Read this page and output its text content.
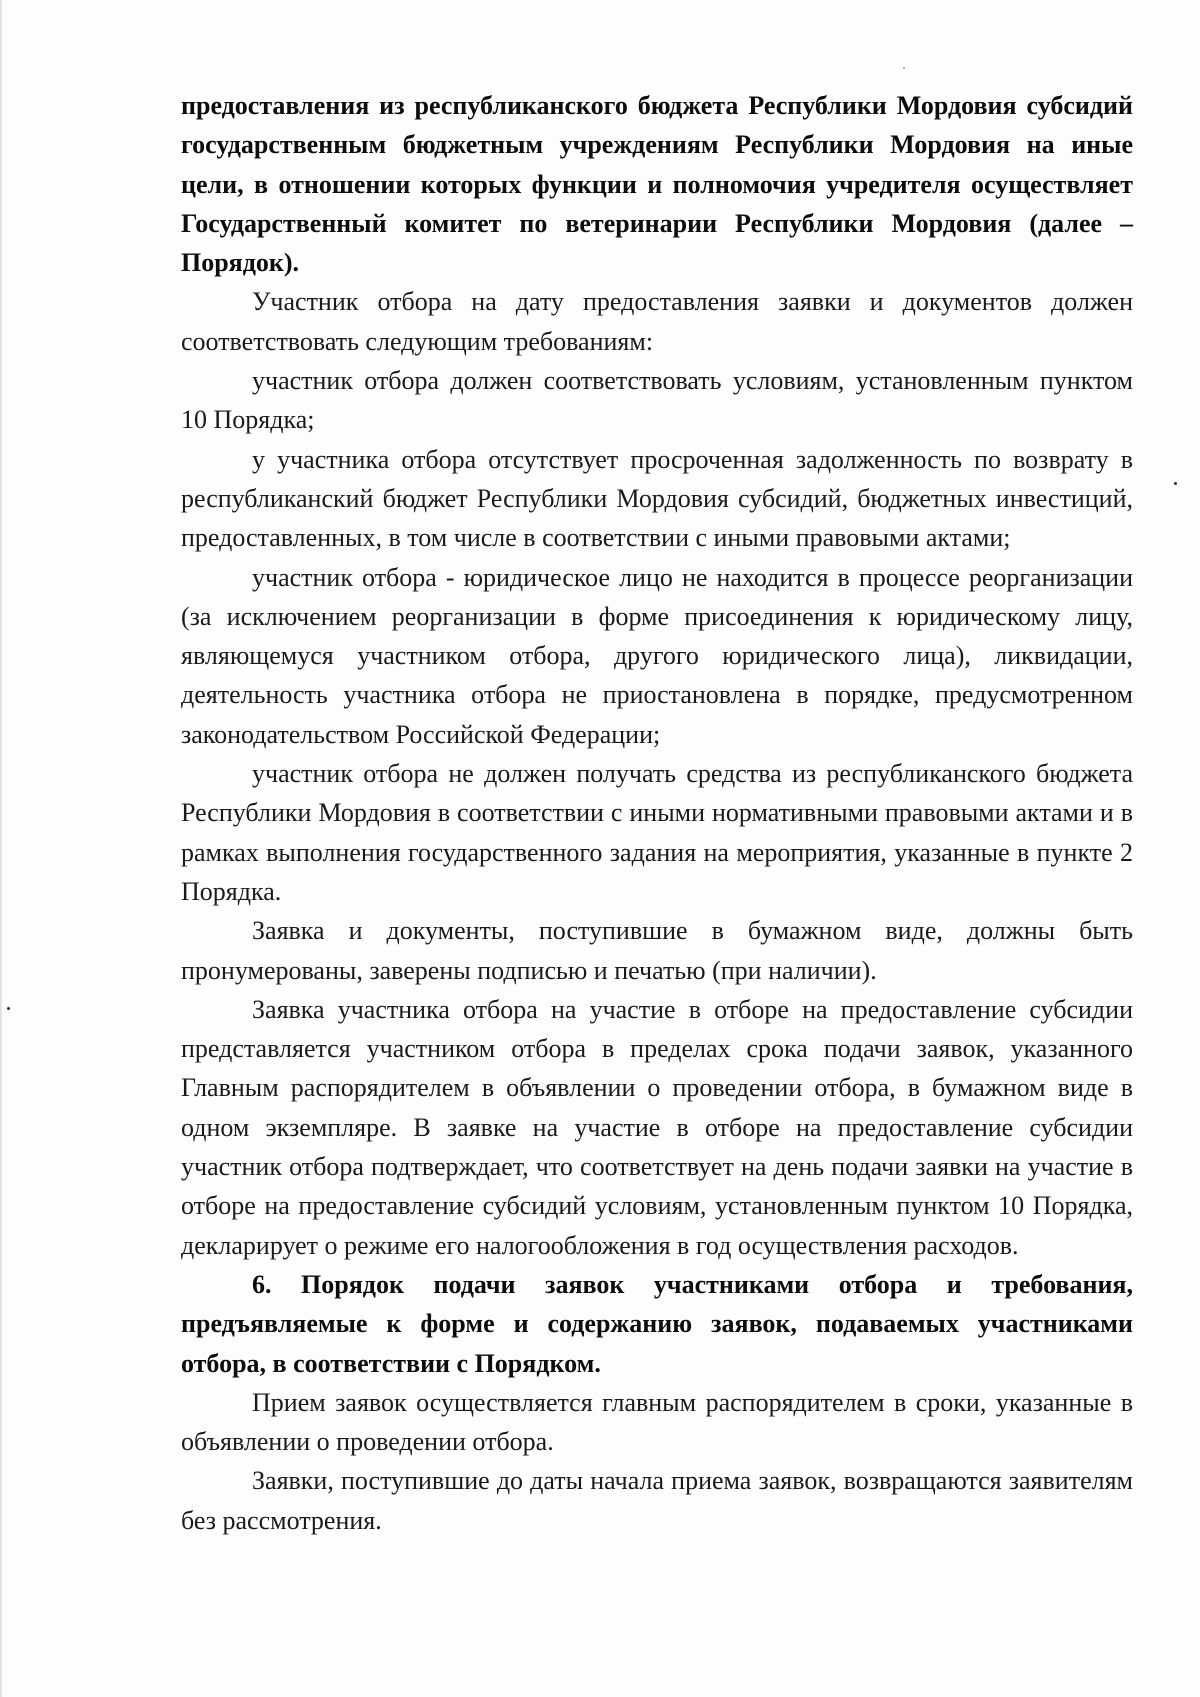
предоставления из республиканского бюджета Республики Мордовия субсидий государственным бюджетным учреждениям Республики Мордовия на иные цели, в отношении которых функции и полномочия учредителя осуществляет Государственный комитет по ветеринарии Республики Мордовия (далее – Порядок).

Участник отбора на дату предоставления заявки и документов должен соответствовать следующим требованиям:

участник отбора должен соответствовать условиям, установленным пунктом 10 Порядка;

у участника отбора отсутствует просроченная задолженность по возврату в республиканский бюджет Республики Мордовия субсидий, бюджетных инвестиций, предоставленных, в том числе в соответствии с иными правовыми актами;

участник отбора - юридическое лицо не находится в процессе реорганизации (за исключением реорганизации в форме присоединения к юридическому лицу, являющемуся участником отбора, другого юридического лица), ликвидации, деятельность участника отбора не приостановлена в порядке, предусмотренном законодательством Российской Федерации;

участник отбора не должен получать средства из республиканского бюджета Республики Мордовия в соответствии с иными нормативными правовыми актами и в рамках выполнения государственного задания на мероприятия, указанные в пункте 2 Порядка.

Заявка и документы, поступившие в бумажном виде, должны быть пронумерованы, заверены подписью и печатью (при наличии).

Заявка участника отбора на участие в отборе на предоставление субсидии представляется участником отбора в пределах срока подачи заявок, указанного Главным распорядителем в объявлении о проведении отбора, в бумажном виде в одном экземпляре. В заявке на участие в отборе на предоставление субсидии участник отбора подтверждает, что соответствует на день подачи заявки на участие в отборе на предоставление субсидий условиям, установленным пунктом 10 Порядка, декларирует о режиме его налогообложения в год осуществления расходов.

6. Порядок подачи заявок участниками отбора и требования, предъявляемые к форме и содержанию заявок, подаваемых участниками отбора, в соответствии с Порядком.

Прием заявок осуществляется главным распорядителем в сроки, указанные в объявлении о проведении отбора.

Заявки, поступившие до даты начала приема заявок, возвращаются заявителям без рассмотрения.
